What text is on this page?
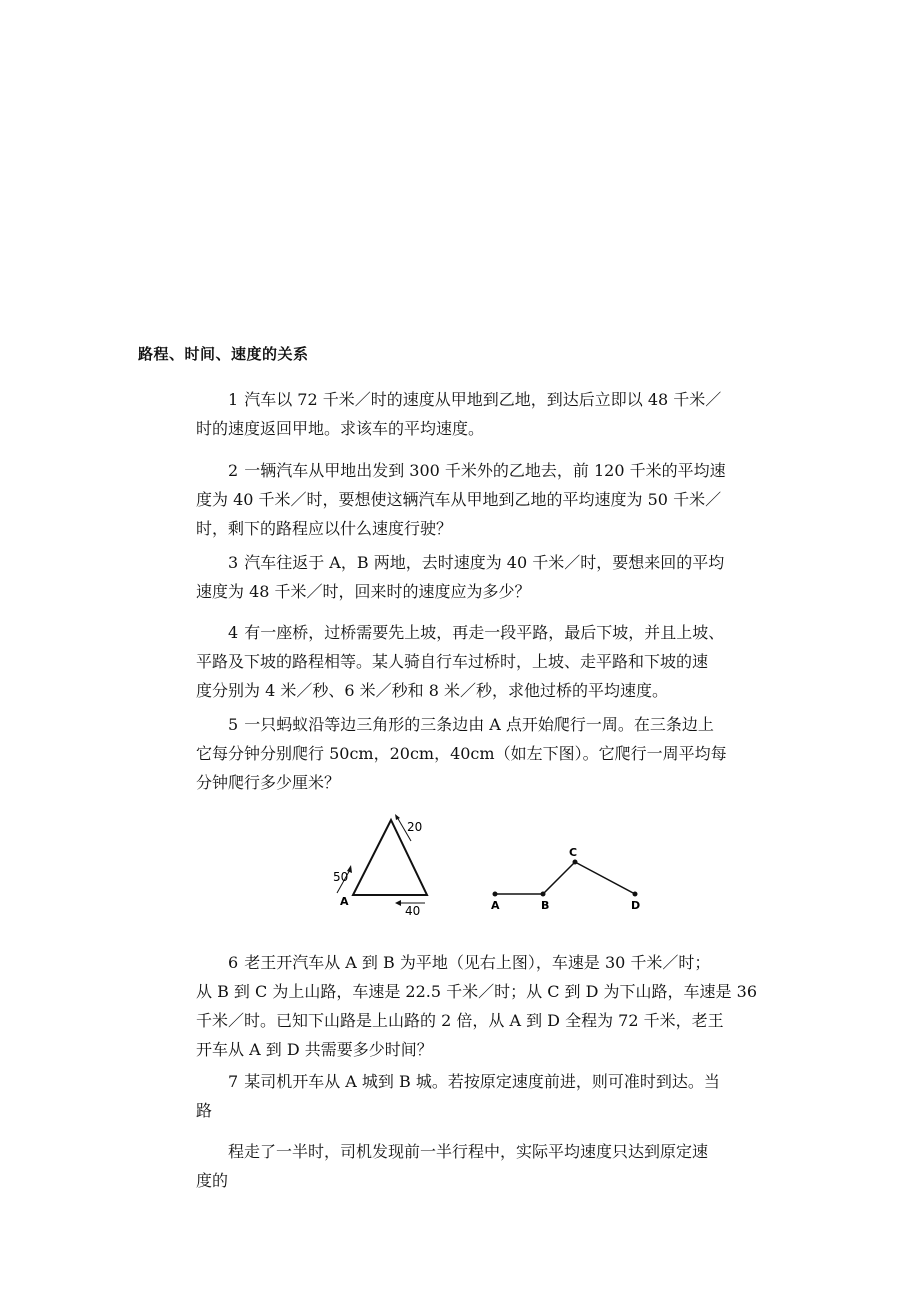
路程、时间、速度的关系
　　1 汽车以 72 千米／时的速度从甲地到乙地，到达后立即以 48 千米／
时的速度返回甲地。求该车的平均速度。
　　2 一辆汽车从甲地出发到 300 千米外的乙地去，前 120 千米的平均速
度为 40 千米／时，要想使这辆汽车从甲地到乙地的平均速度为 50 千米／
时，剩下的路程应以什么速度行驶？
　　3 汽车往返于 A，B 两地，去时速度为 40 千米／时，要想来回的平均
速度为 48 千米／时，回来时的速度应为多少？
　　4 有一座桥，过桥需要先上坡，再走一段平路，最后下坡，并且上坡、
平路及下坡的路程相等。某人骑自行车过桥时，上坡、走平路和下坡的速
度分别为 4 米／秒、6 米／秒和 8 米／秒，求他过桥的平均速度。
　　5 一只蚂蚁沿等边三角形的三条边由 A 点开始爬行一周。在三条边上
它每分钟分别爬行 50cm，20cm，40cm（如左下图）。它爬行一周平均每
分钟爬行多少厘米？
50
20
40
A	A	B
C
D
　　6 老王开汽车从 A 到 B 为平地（见右上图），车速是 30 千米／时；
从 B 到 C 为上山路，车速是 22.5 千米／时；从 C 到 D 为下山路，车速是 36
千米／时。已知下山路是上山路的 2 倍，从 A 到 D 全程为 72 千米，老王
开车从 A 到 D 共需要多少时间？
　　7 某司机开车从 A 城到 B 城。若按原定速度前进，则可准时到达。当
路
　　程走了一半时，司机发现前一半行程中，实际平均速度只达到原定速
度的
